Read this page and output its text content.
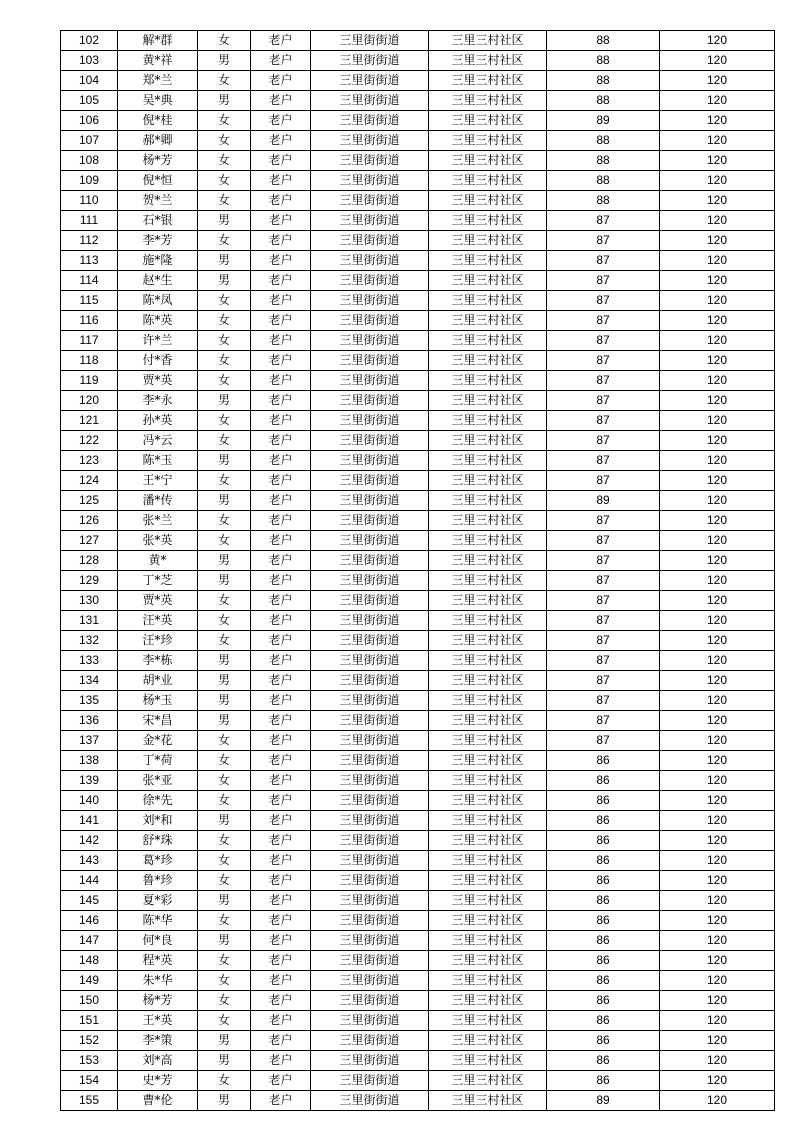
102	解*群	女	老户	三里街街道	三里三村社区	88	120
103	黄*祥	男	老户	三里街街道	三里三村社区	88	120
104	郑*兰	女	老户	三里街街道	三里三村社区	88	120
105	吴*典	男	老户	三里街街道	三里三村社区	88	120
106	倪*桂	女	老户	三里街街道	三里三村社区	89	120
107	郝*卿	女	老户	三里街街道	三里三村社区	88	120
108	杨*芳	女	老户	三里街街道	三里三村社区	88	120
109	倪*恒	女	老户	三里街街道	三里三村社区	88	120
110	贺*兰	女	老户	三里街街道	三里三村社区	88	120
111	石*银	男	老户	三里街街道	三里三村社区	87	120
112	李*芳	女	老户	三里街街道	三里三村社区	87	120
113	施*隆	男	老户	三里街街道	三里三村社区	87	120
114	赵*生	男	老户	三里街街道	三里三村社区	87	120
115	陈*凤	女	老户	三里街街道	三里三村社区	87	120
116	陈*英	女	老户	三里街街道	三里三村社区	87	120
117	许*兰	女	老户	三里街街道	三里三村社区	87	120
118	付*香	女	老户	三里街街道	三里三村社区	87	120
119	贾*英	女	老户	三里街街道	三里三村社区	87	120
120	李*永	男	老户	三里街街道	三里三村社区	87	120
121	孙*英	女	老户	三里街街道	三里三村社区	87	120
122	冯*云	女	老户	三里街街道	三里三村社区	87	120
123	陈*玉	男	老户	三里街街道	三里三村社区	87	120
124	王*宁	女	老户	三里街街道	三里三村社区	87	120
125	潘*传	男	老户	三里街街道	三里三村社区	89	120
126	张*兰	女	老户	三里街街道	三里三村社区	87	120
127	张*英	女	老户	三里街街道	三里三村社区	87	120
128	黄*	男	老户	三里街街道	三里三村社区	87	120
129	丁*芝	男	老户	三里街街道	三里三村社区	87	120
130	贾*英	女	老户	三里街街道	三里三村社区	87	120
131	汪*英	女	老户	三里街街道	三里三村社区	87	120
132	汪*珍	女	老户	三里街街道	三里三村社区	87	120
133	李*栋	男	老户	三里街街道	三里三村社区	87	120
134	胡*业	男	老户	三里街街道	三里三村社区	87	120
135	杨*玉	男	老户	三里街街道	三里三村社区	87	120
136	宋*昌	男	老户	三里街街道	三里三村社区	87	120
137	金*花	女	老户	三里街街道	三里三村社区	87	120
138	丁*荷	女	老户	三里街街道	三里三村社区	86	120
139	张*亚	女	老户	三里街街道	三里三村社区	86	120
140	徐*先	女	老户	三里街街道	三里三村社区	86	120
141	刘*和	男	老户	三里街街道	三里三村社区	86	120
142	舒*珠	女	老户	三里街街道	三里三村社区	86	120
143	葛*珍	女	老户	三里街街道	三里三村社区	86	120
144	鲁*珍	女	老户	三里街街道	三里三村社区	86	120
145	夏*彩	男	老户	三里街街道	三里三村社区	86	120
146	陈*华	女	老户	三里街街道	三里三村社区	86	120
147	何*良	男	老户	三里街街道	三里三村社区	86	120
148	程*英	女	老户	三里街街道	三里三村社区	86	120
149	朱*华	女	老户	三里街街道	三里三村社区	86	120
150	杨*芳	女	老户	三里街街道	三里三村社区	86	120
151	王*英	女	老户	三里街街道	三里三村社区	86	120
152	李*策	男	老户	三里街街道	三里三村社区	86	120
153	刘*高	男	老户	三里街街道	三里三村社区	86	120
154	史*芳	女	老户	三里街街道	三里三村社区	86	120
155	曹*伦	男	老户	三里街街道	三里三村社区	89	120
